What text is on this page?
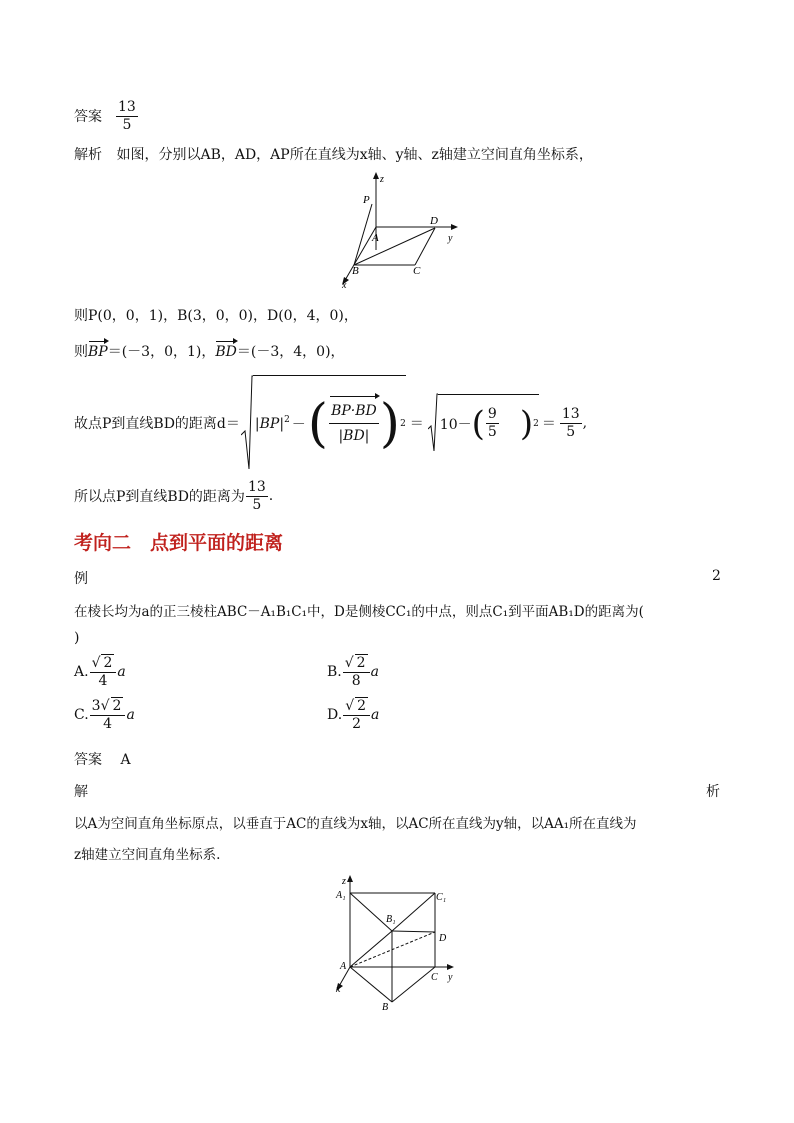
答案 $\frac{13}{5}$
解析 如图，分别以AB，AD，AP所在直线为x轴、y轴、z轴建立空间直角坐标系，
z
P
D
y
A
B	C
x
则P(0，0，1)，B(3，0，0)，D(0，4，0)，
则BP＝(－3，0，1)，BD＝(－3，4，0)，
故点P到直线BD的距离$d= |BP|^2$ － ( $\frac{BP\cdot BD}{|BD|}$ ) 2 ＝ 10－ ( $\frac{9}{5}$ ) $2 = \frac{13}{5}$ ,
所以点P到直线BD的距离为 $\frac{13}{5}$ .
考向二　点到平面的距离
例	2
在棱长均为a的正三棱柱ABC－A₁B₁C₁中，D是侧棱CC₁的中点，则点C₁到平面AB₁D的距离为(
)
A. $\frac{√ 2}{4}$ a	B. $\frac{√ 2}{8}$ a
C. $\frac{3√ 2}{4}$ a	D. $\frac{√ 2}{2}$ a
答案 A
解	析
以A为空间直角坐标原点，以垂直于AC的直线为x轴，以AC所在直线为y轴，以AA₁所在直线为
z轴建立空间直角坐标系.
z
A₁	C₁
B₁
D
A
C y
x
B
